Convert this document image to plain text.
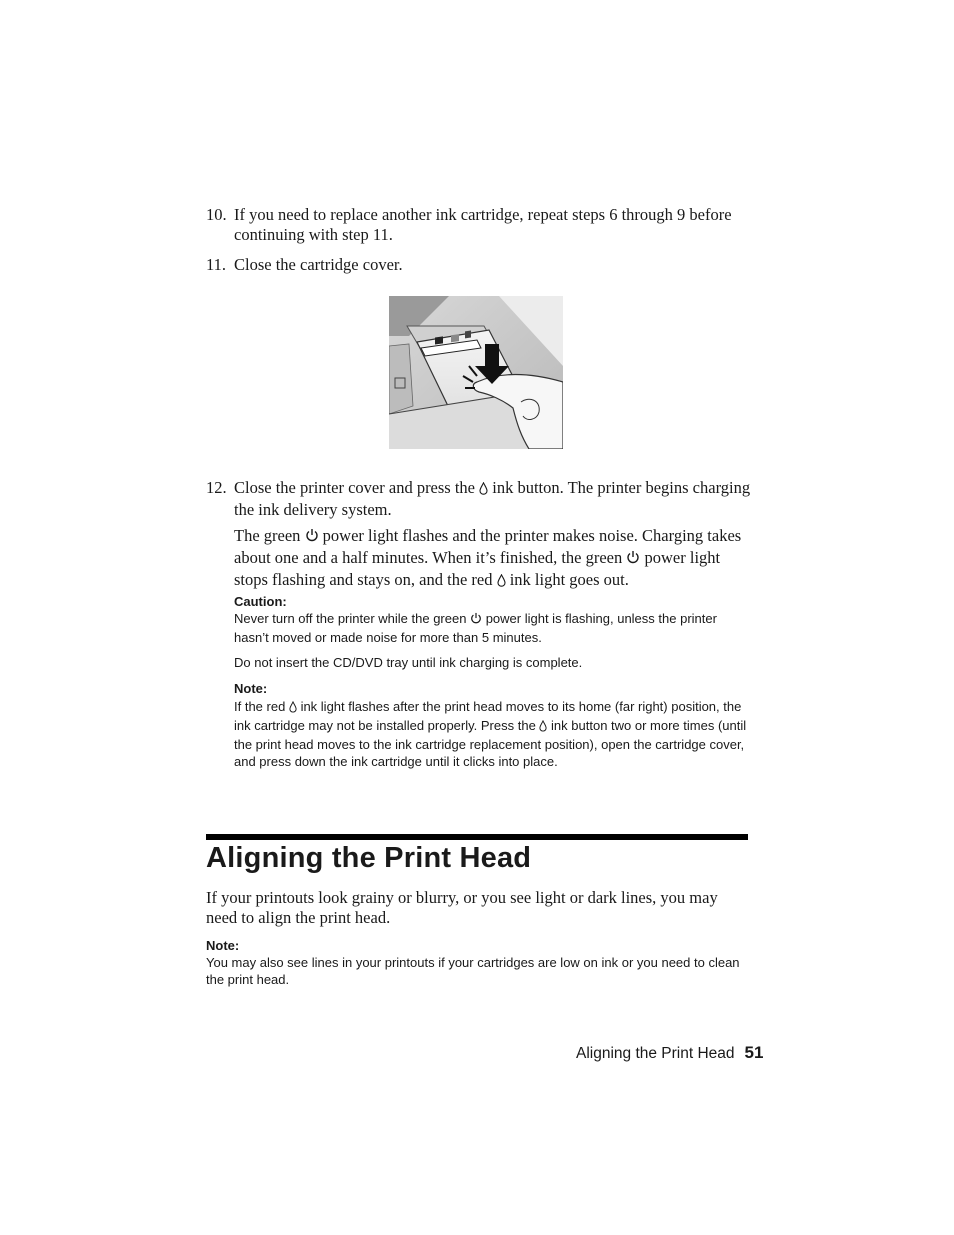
10. If you need to replace another ink cartridge, repeat steps 6 through 9 before continuing with step 11.
11. Close the cartridge cover.
12. Close the printer cover and press the ink button. The printer begins charging the ink delivery system.
The green power light flashes and the printer makes noise. Charging takes about one and a half minutes. When it’s finished, the green power light stops flashing and stays on, and the red ink light goes out.
Caution:
Never turn off the printer while the green power light is flashing, unless the printer hasn’t moved or made noise for more than 5 minutes.
Do not insert the CD/DVD tray until ink charging is complete.
Note:
If the red ink light flashes after the print head moves to its home (far right) position, the ink cartridge may not be installed properly. Press the ink button two or more times (until the print head moves to the ink cartridge replacement position), open the cartridge cover, and press down the ink cartridge until it clicks into place.
Aligning the Print Head
If your printouts look grainy or blurry, or you see light or dark lines, you may need to align the print head.
Note:
You may also see lines in your printouts if your cartridges are low on ink or you need to clean the print head.
Aligning the Print Head 51
